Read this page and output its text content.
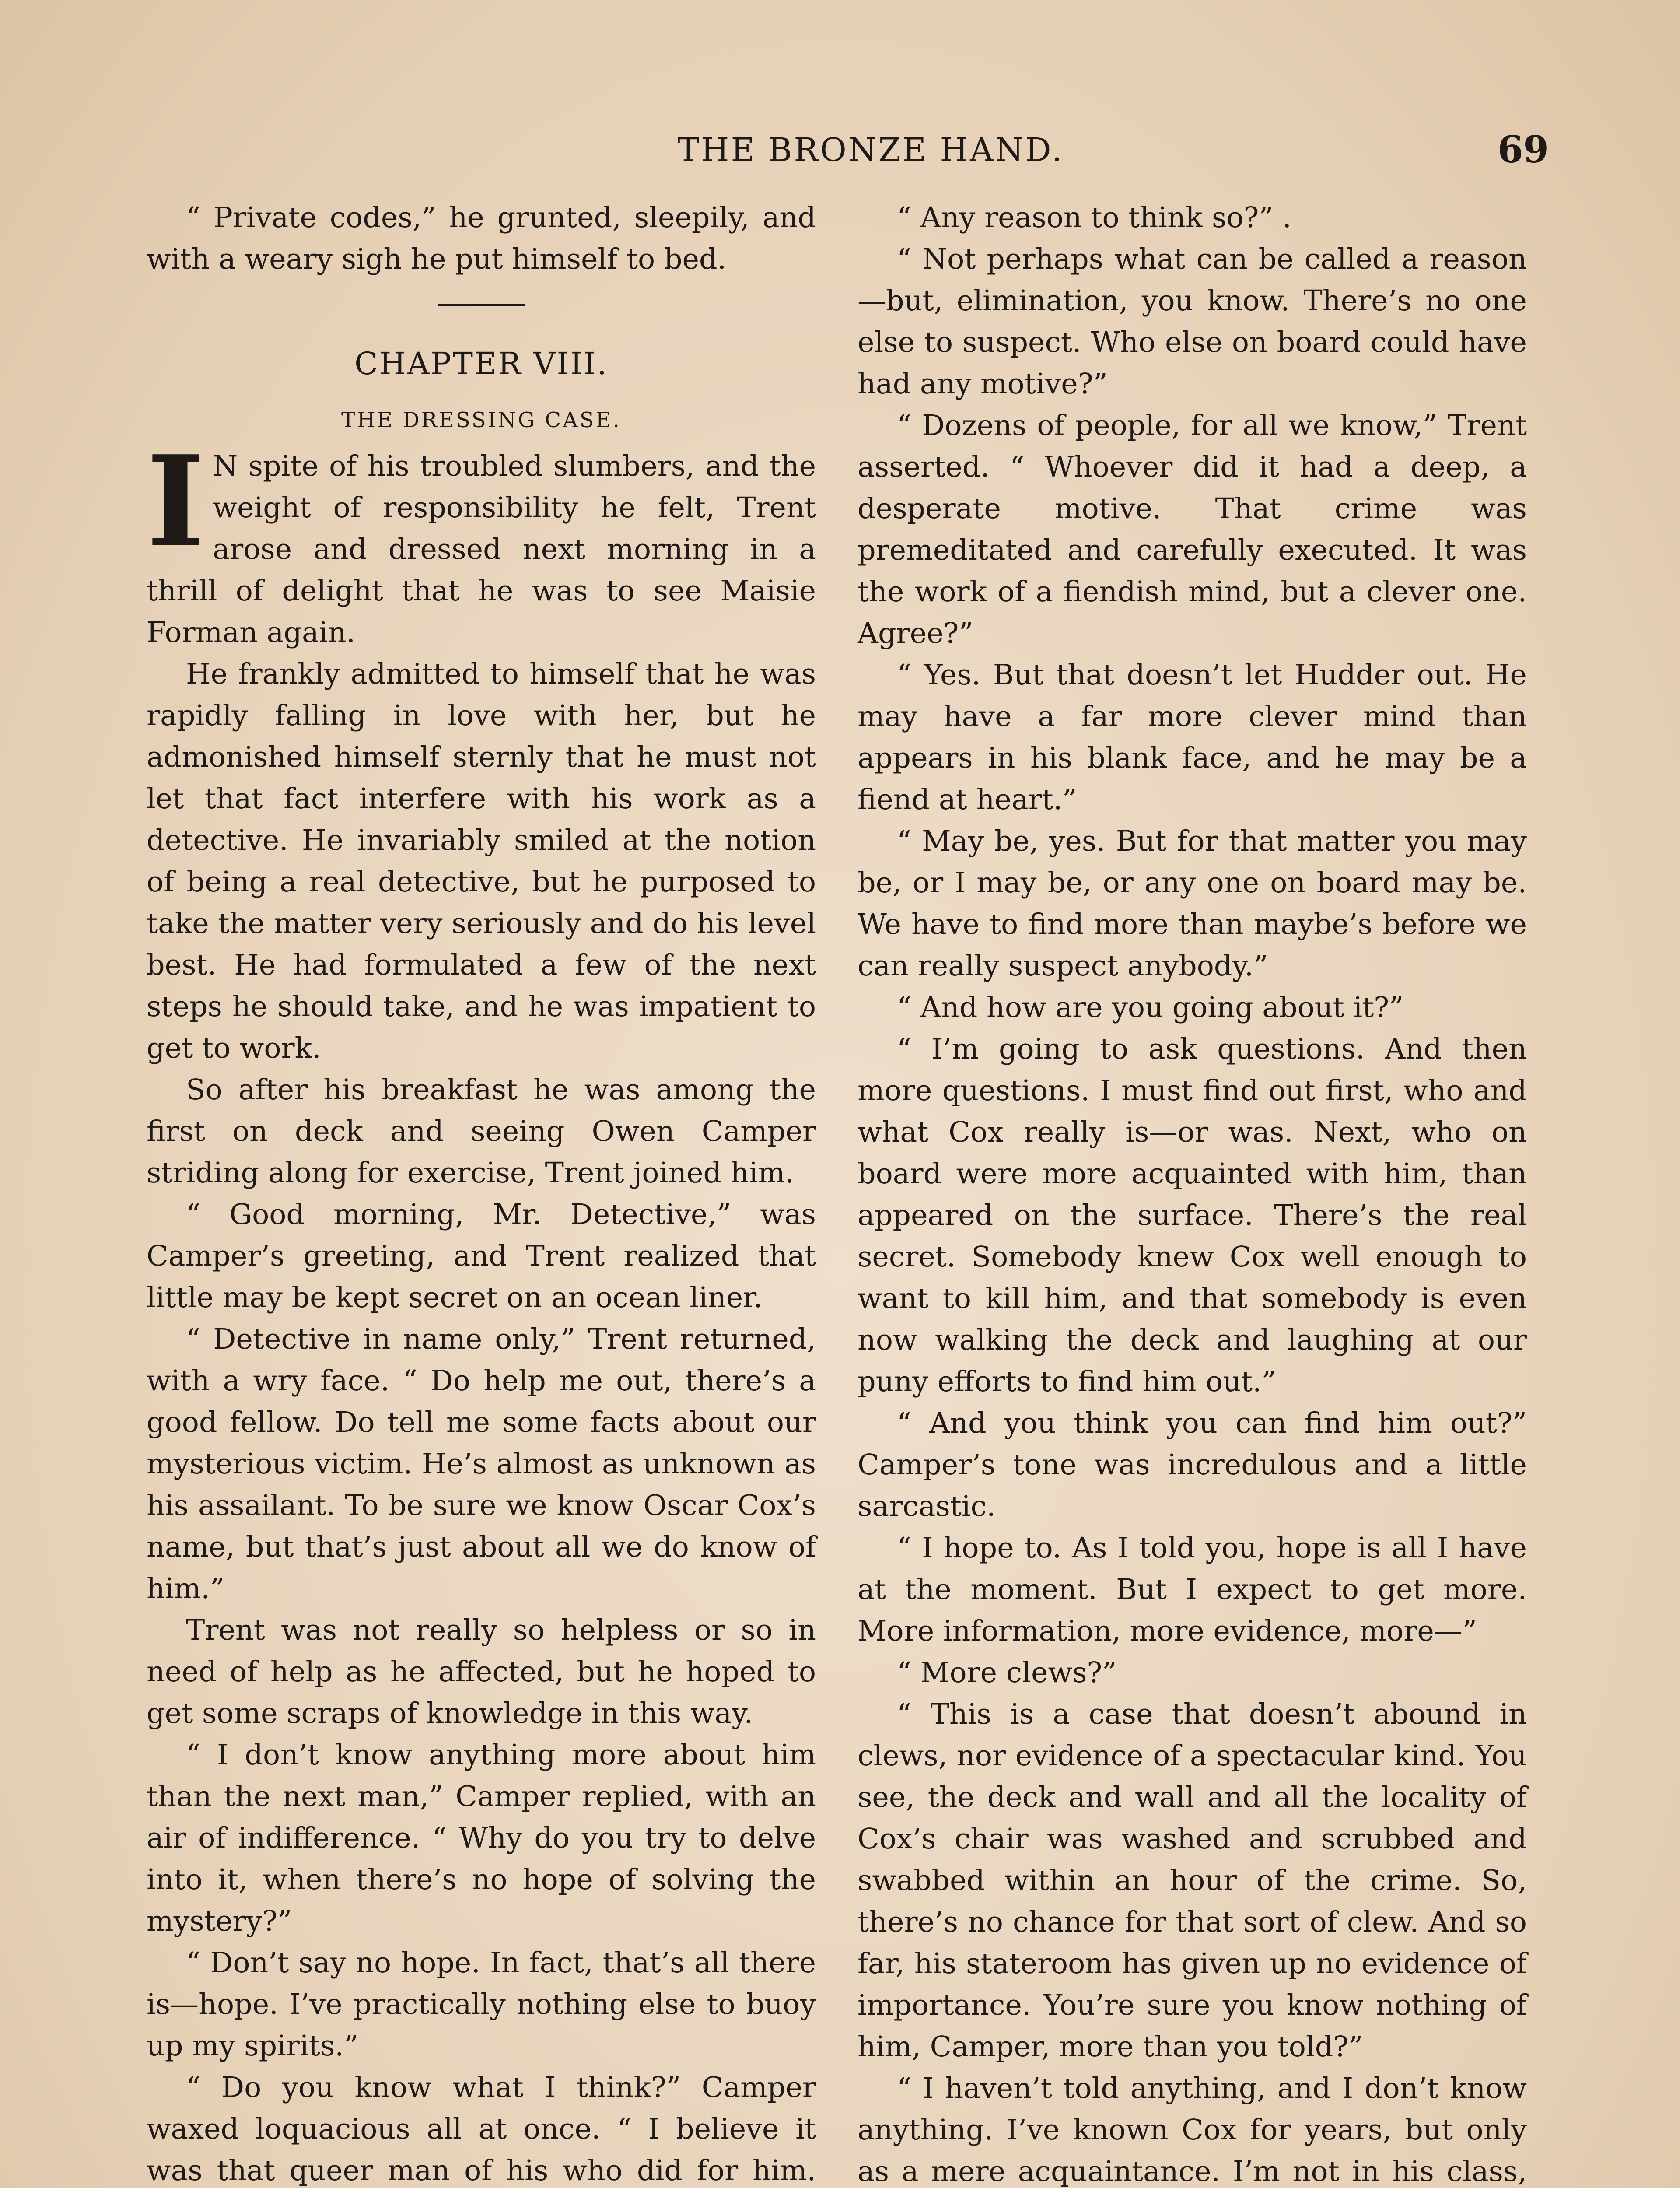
THE BRONZE HAND.	69

“ Private codes,” he grunted, sleepily, and with a weary sigh he put himself to bed.

CHAPTER VIII.
THE DRESSING CASE.

I N spite of his troubled slumbers, and the weight of responsibility he felt, Trent arose and dressed next morning in a thrill of delight that he was to see Maisie Forman again.

He frankly admitted to himself that he was rapidly falling in love with her, but he admonished himself sternly that he must not let that fact interfere with his work as a detective. He invariably smiled at the notion of being a real detective, but he purposed to take the matter very seriously and do his level best. He had formulated a few of the next steps he should take, and he was impatient to get to work.

So after his breakfast he was among the first on deck and seeing Owen Camper striding along for exercise, Trent joined him.

“ Good morning, Mr. Detective,” was Camper’s greeting, and Trent realized that little may be kept secret on an ocean liner.

“ Detective in name only,” Trent returned, with a wry face. “ Do help me out, there’s a good fellow. Do tell me some facts about our mysterious victim. He’s almost as unknown as his assailant. To be sure we know Oscar Cox’s name, but that’s just about all we do know of him.”

Trent was not really so helpless or so in need of help as he affected, but he hoped to get some scraps of knowledge in this way.

“ I don’t know anything more about him than the next man,” Camper replied, with an air of indifference. “ Why do you try to delve into it, when there’s no hope of solving the mystery?”

“ Don’t say no hope. In fact, that’s all there is—hope. I’ve practically nothing else to buoy up my spirits.”

“ Do you know what I think?” Camper waxed loquacious all at once. “ I believe it was that queer man of his who did for him.

“ Any reason to think so?” .

“ Not perhaps what can be called a reason—but, elimination, you know. There’s no one else to suspect. Who else on board could have had any motive?”

“ Dozens of people, for all we know,” Trent asserted. “ Whoever did it had a deep, a desperate motive. That crime was premeditated and carefully executed. It was the work of a fiendish mind, but a clever one. Agree?”

“ Yes. But that doesn’t let Hudder out. He may have a far more clever mind than appears in his blank face, and he may be a fiend at heart.”

“ May be, yes. But for that matter you may be, or I may be, or any one on board may be. We have to find more than maybe’s before we can really suspect anybody.”

“ And how are you going about it?”

“ I’m going to ask questions. And then more questions. I must find out first, who and what Cox really is—or was. Next, who on board were more acquainted with him, than appeared on the surface. There’s the real secret. Somebody knew Cox well enough to want to kill him, and that somebody is even now walking the deck and laughing at our puny efforts to find him out.”

“ And you think you can find him out?” Camper’s tone was incredulous and a little sarcastic.

“ I hope to. As I told you, hope is all I have at the moment. But I expect to get more. More information, more evidence, more—”

“ More clews?”

“ This is a case that doesn’t abound in clews, nor evidence of a spectacular kind. You see, the deck and wall and all the locality of Cox’s chair was washed and scrubbed and swabbed within an hour of the crime. So, there’s no chance for that sort of clew. And so far, his stateroom has given up no evidence of importance. You’re sure you know nothing of him, Camper, more than you told?”

“ I haven’t told anything, and I don’t know anything. I’ve known Cox for years, but only as a mere acquaintance. I’m not in his class,
